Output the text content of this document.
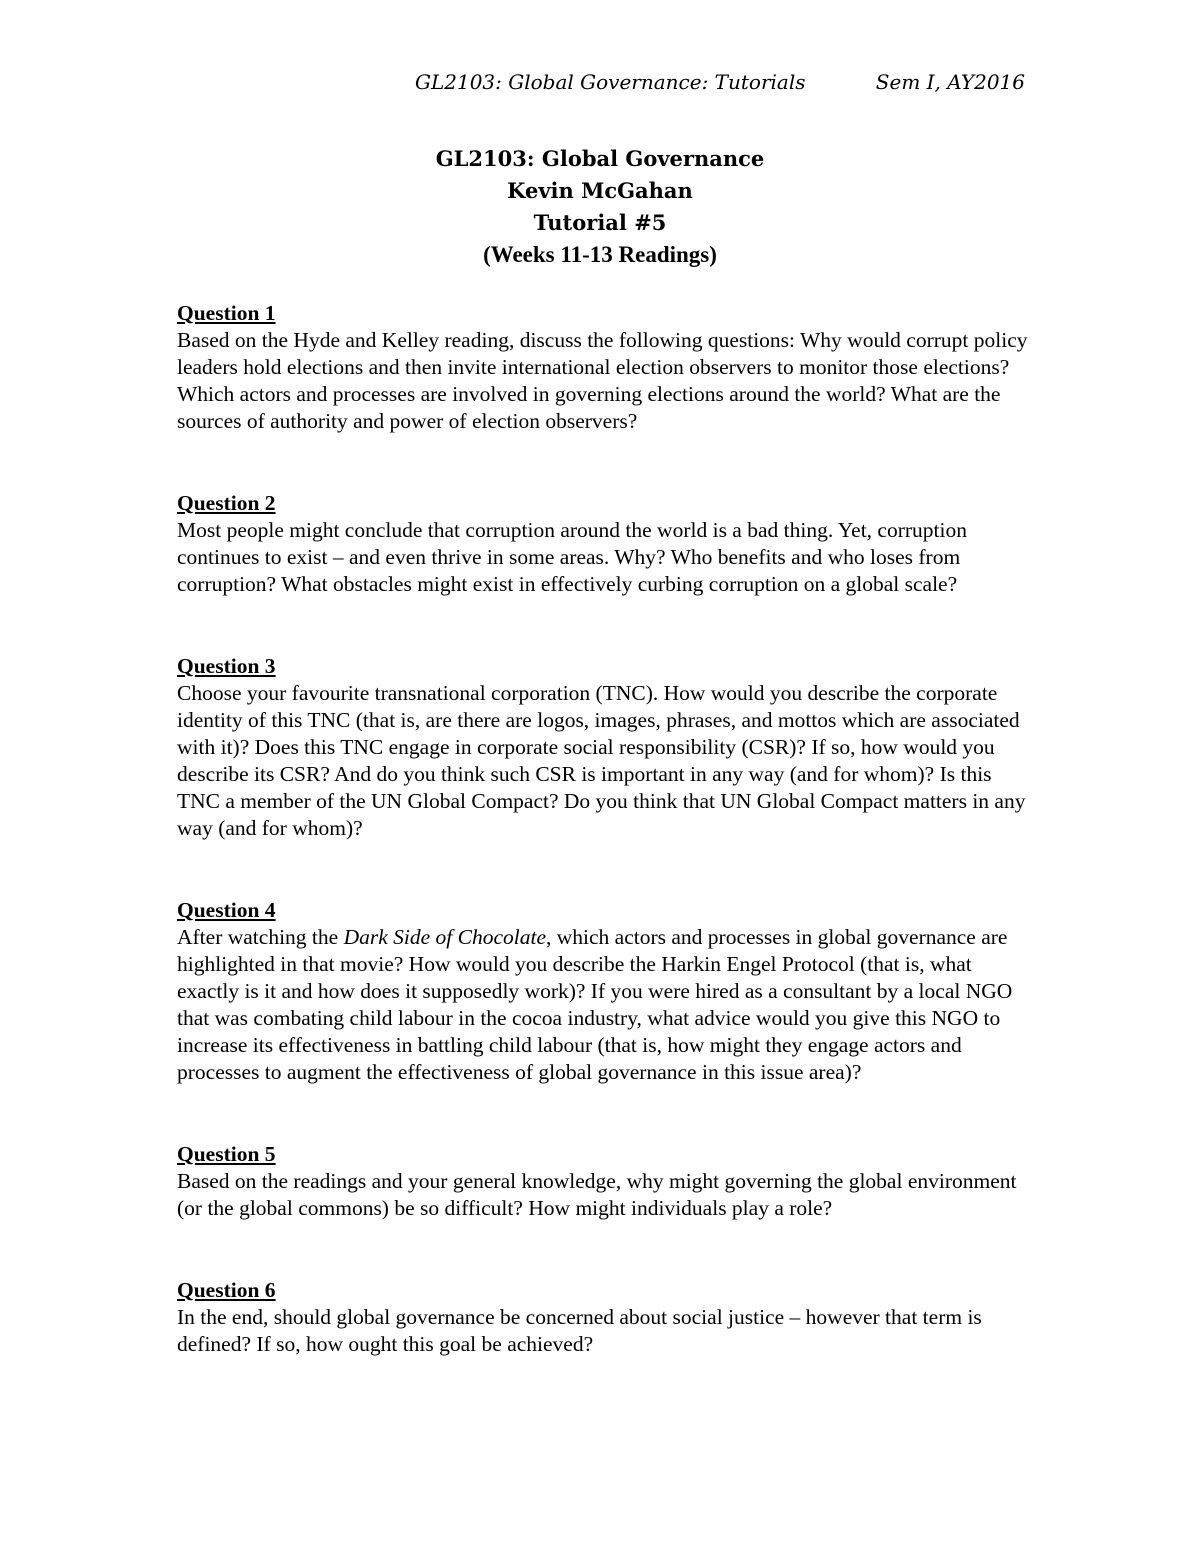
GL2103: Global Governance: Tutorials	Sem I, AY2016
GL2103: Global Governance
Kevin McGahan
Tutorial #5
(Weeks 11-13 Readings)
Question 1
Based on the Hyde and Kelley reading, discuss the following questions: Why would corrupt policy leaders hold elections and then invite international election observers to monitor those elections? Which actors and processes are involved in governing elections around the world? What are the sources of authority and power of election observers?
Question 2
Most people might conclude that corruption around the world is a bad thing. Yet, corruption continues to exist – and even thrive in some areas. Why? Who benefits and who loses from corruption? What obstacles might exist in effectively curbing corruption on a global scale?
Question 3
Choose your favourite transnational corporation (TNC). How would you describe the corporate identity of this TNC (that is, are there are logos, images, phrases, and mottos which are associated with it)? Does this TNC engage in corporate social responsibility (CSR)? If so, how would you describe its CSR? And do you think such CSR is important in any way (and for whom)? Is this TNC a member of the UN Global Compact? Do you think that UN Global Compact matters in any way (and for whom)?
Question 4
After watching the Dark Side of Chocolate, which actors and processes in global governance are highlighted in that movie? How would you describe the Harkin Engel Protocol (that is, what exactly is it and how does it supposedly work)? If you were hired as a consultant by a local NGO that was combating child labour in the cocoa industry, what advice would you give this NGO to increase its effectiveness in battling child labour (that is, how might they engage actors and processes to augment the effectiveness of global governance in this issue area)?
Question 5
Based on the readings and your general knowledge, why might governing the global environment (or the global commons) be so difficult? How might individuals play a role?
Question 6
In the end, should global governance be concerned about social justice – however that term is defined? If so, how ought this goal be achieved?
